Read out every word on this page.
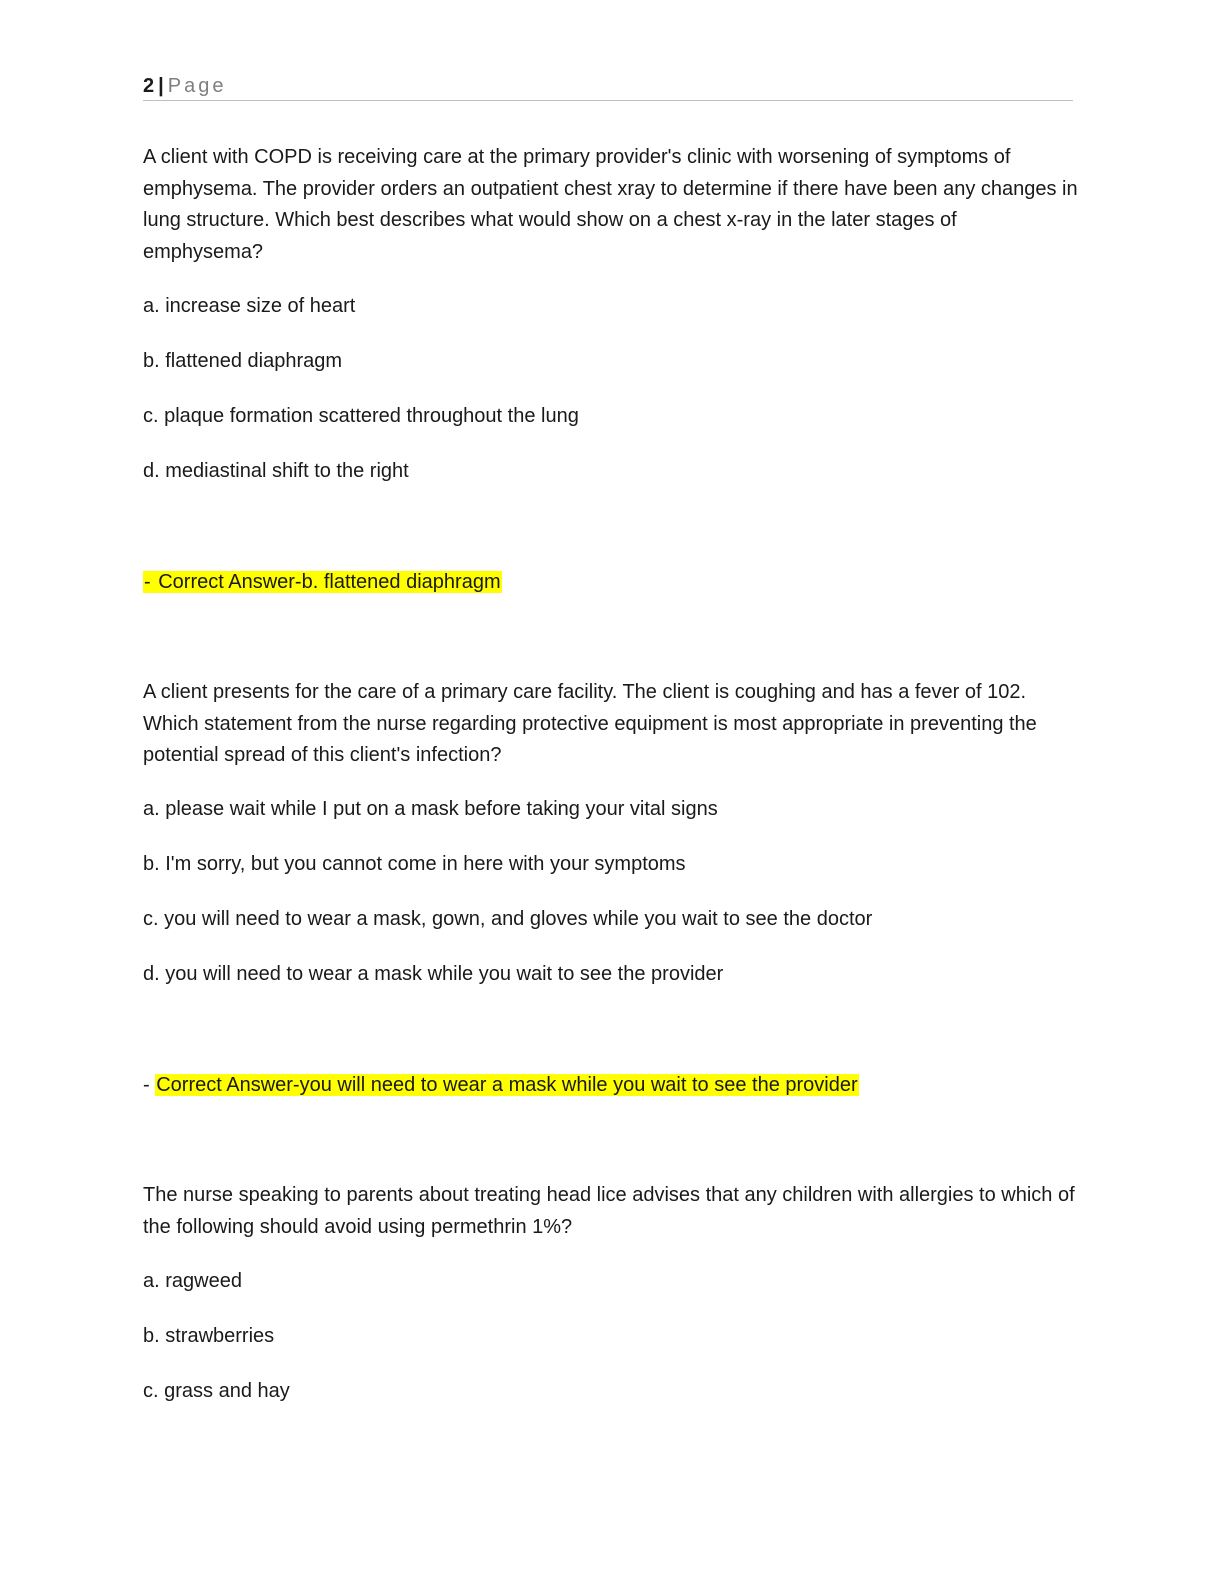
2 | Page
A client with COPD is receiving care at the primary provider's clinic with worsening of symptoms of emphysema. The provider orders an outpatient chest xray to determine if there have been any changes in lung structure. Which best describes what would show on a chest x-ray in the later stages of emphysema?
a. increase size of heart
b. flattened diaphragm
c. plaque formation scattered throughout the lung
d. mediastinal shift to the right
- Correct Answer-b. flattened diaphragm
A client presents for the care of a primary care facility. The client is coughing and has a fever of 102. Which statement from the nurse regarding protective equipment is most appropriate in preventing the potential spread of this client's infection?
a. please wait while I put on a mask before taking your vital signs
b. I'm sorry, but you cannot come in here with your symptoms
c. you will need to wear a mask, gown, and gloves while you wait to see the doctor
d. you will need to wear a mask while you wait to see the provider
- Correct Answer-you will need to wear a mask while you wait to see the provider
The nurse speaking to parents about treating head lice advises that any children with allergies to which of the following should avoid using permethrin 1%?
a. ragweed
b. strawberries
c. grass and hay
